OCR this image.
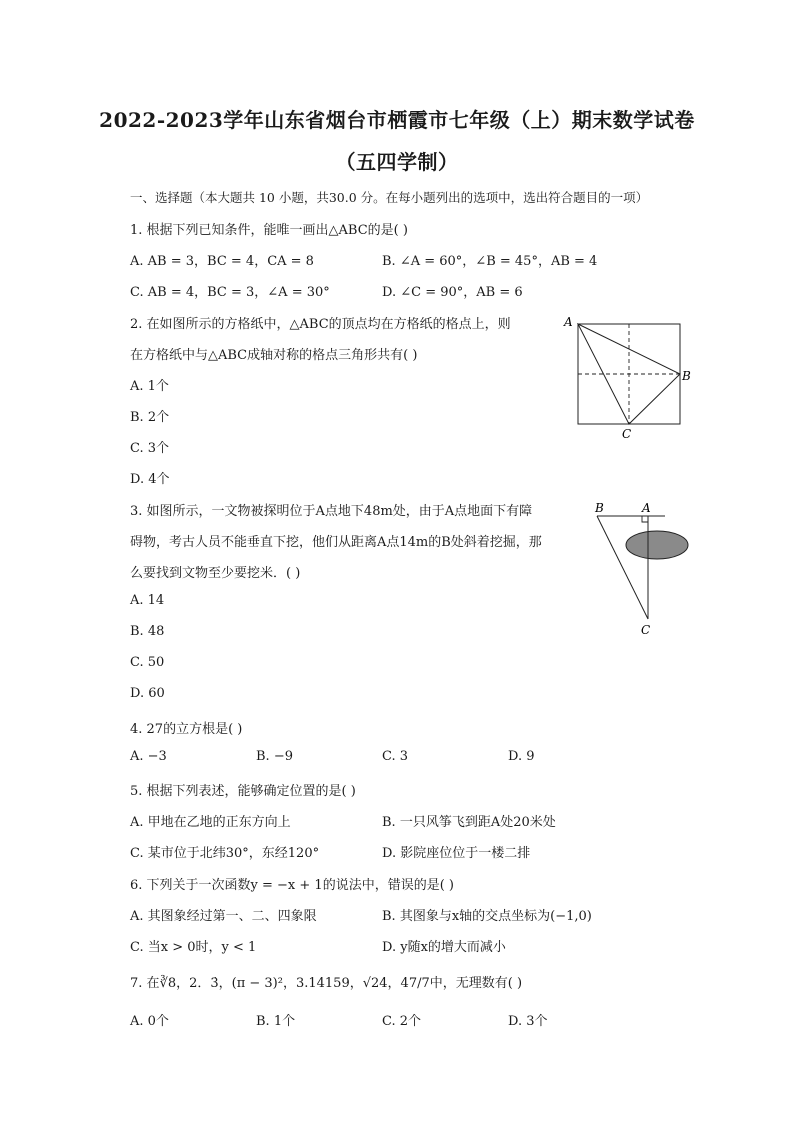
2022-2023学年山东省烟台市栖霞市七年级（上）期末数学试卷
（五四学制）
一、选择题（本大题共 10 小题，共30.0 分。在每小题列出的选项中，选出符合题目的一项）
1. 根据下列已知条件，能唯一画出△ABC的是( )
A. AB = 3，BC = 4，CA = 8	B. ∠A = 60°，∠B = 45°，AB = 4
C. AB = 4，BC = 3，∠A = 30°	D. ∠C = 90°，AB = 6
2. 在如图所示的方格纸中，△ABC的顶点均在方格纸的格点上，则
在方格纸中与△ABC成轴对称的格点三角形共有( )
A. 1个
B. 2个
C. 3个
D. 4个
A
B
C
3. 如图所示，一文物被探明位于A点地下48m处，由于A点地面下有障
碍物，考古人员不能垂直下挖，他们从距离A点14m的B处斜着挖掘，那
么要找到文物至少要挖米．( )
A. 14
B. 48
C. 50
D. 60
B	A
C
4. 27的立方根是( )
A. −3	B. −9	C. 3	D. 9
5. 根据下列表述，能够确定位置的是( )
A. 甲地在乙地的正东方向上	B. 一只风筝飞到距A处20米处
C. 某市位于北纬30°，东经120°	D. 影院座位位于一楼二排
6. 下列关于一次函数y = −x + 1的说法中，错误的是( )
A. 其图象经过第一、二、四象限	B. 其图象与x轴的交点坐标为(−1,0)
C. 当x > 0时，y < 1	D. y随x的增大而减小
7. 在∛8，2．3̇，(π − 3)²，3.14159，√24，47/7中，无理数有( )
A. 0个	B. 1个	C. 2个	D. 3个
